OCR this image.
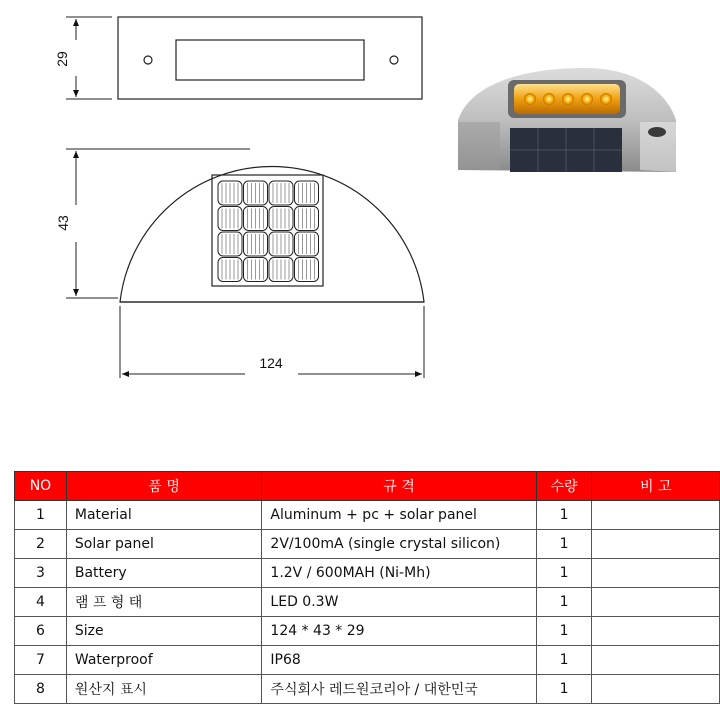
29
43
124
NO	품 명	규 격	수량	비 고
1	Material	Aluminum + pc + solar panel	1	
2	Solar panel	2V/100mA (single crystal silicon)	1	
3	Battery	1.2V / 600MAH (Ni-Mh)	1	
4	램 프 형 태	LED 0.3W	1	
6	Size	124 * 43 * 29	1	
7	Waterproof	IP68	1	
8	원산지 표시	주식회사 레드원코리아 / 대한민국	1	
